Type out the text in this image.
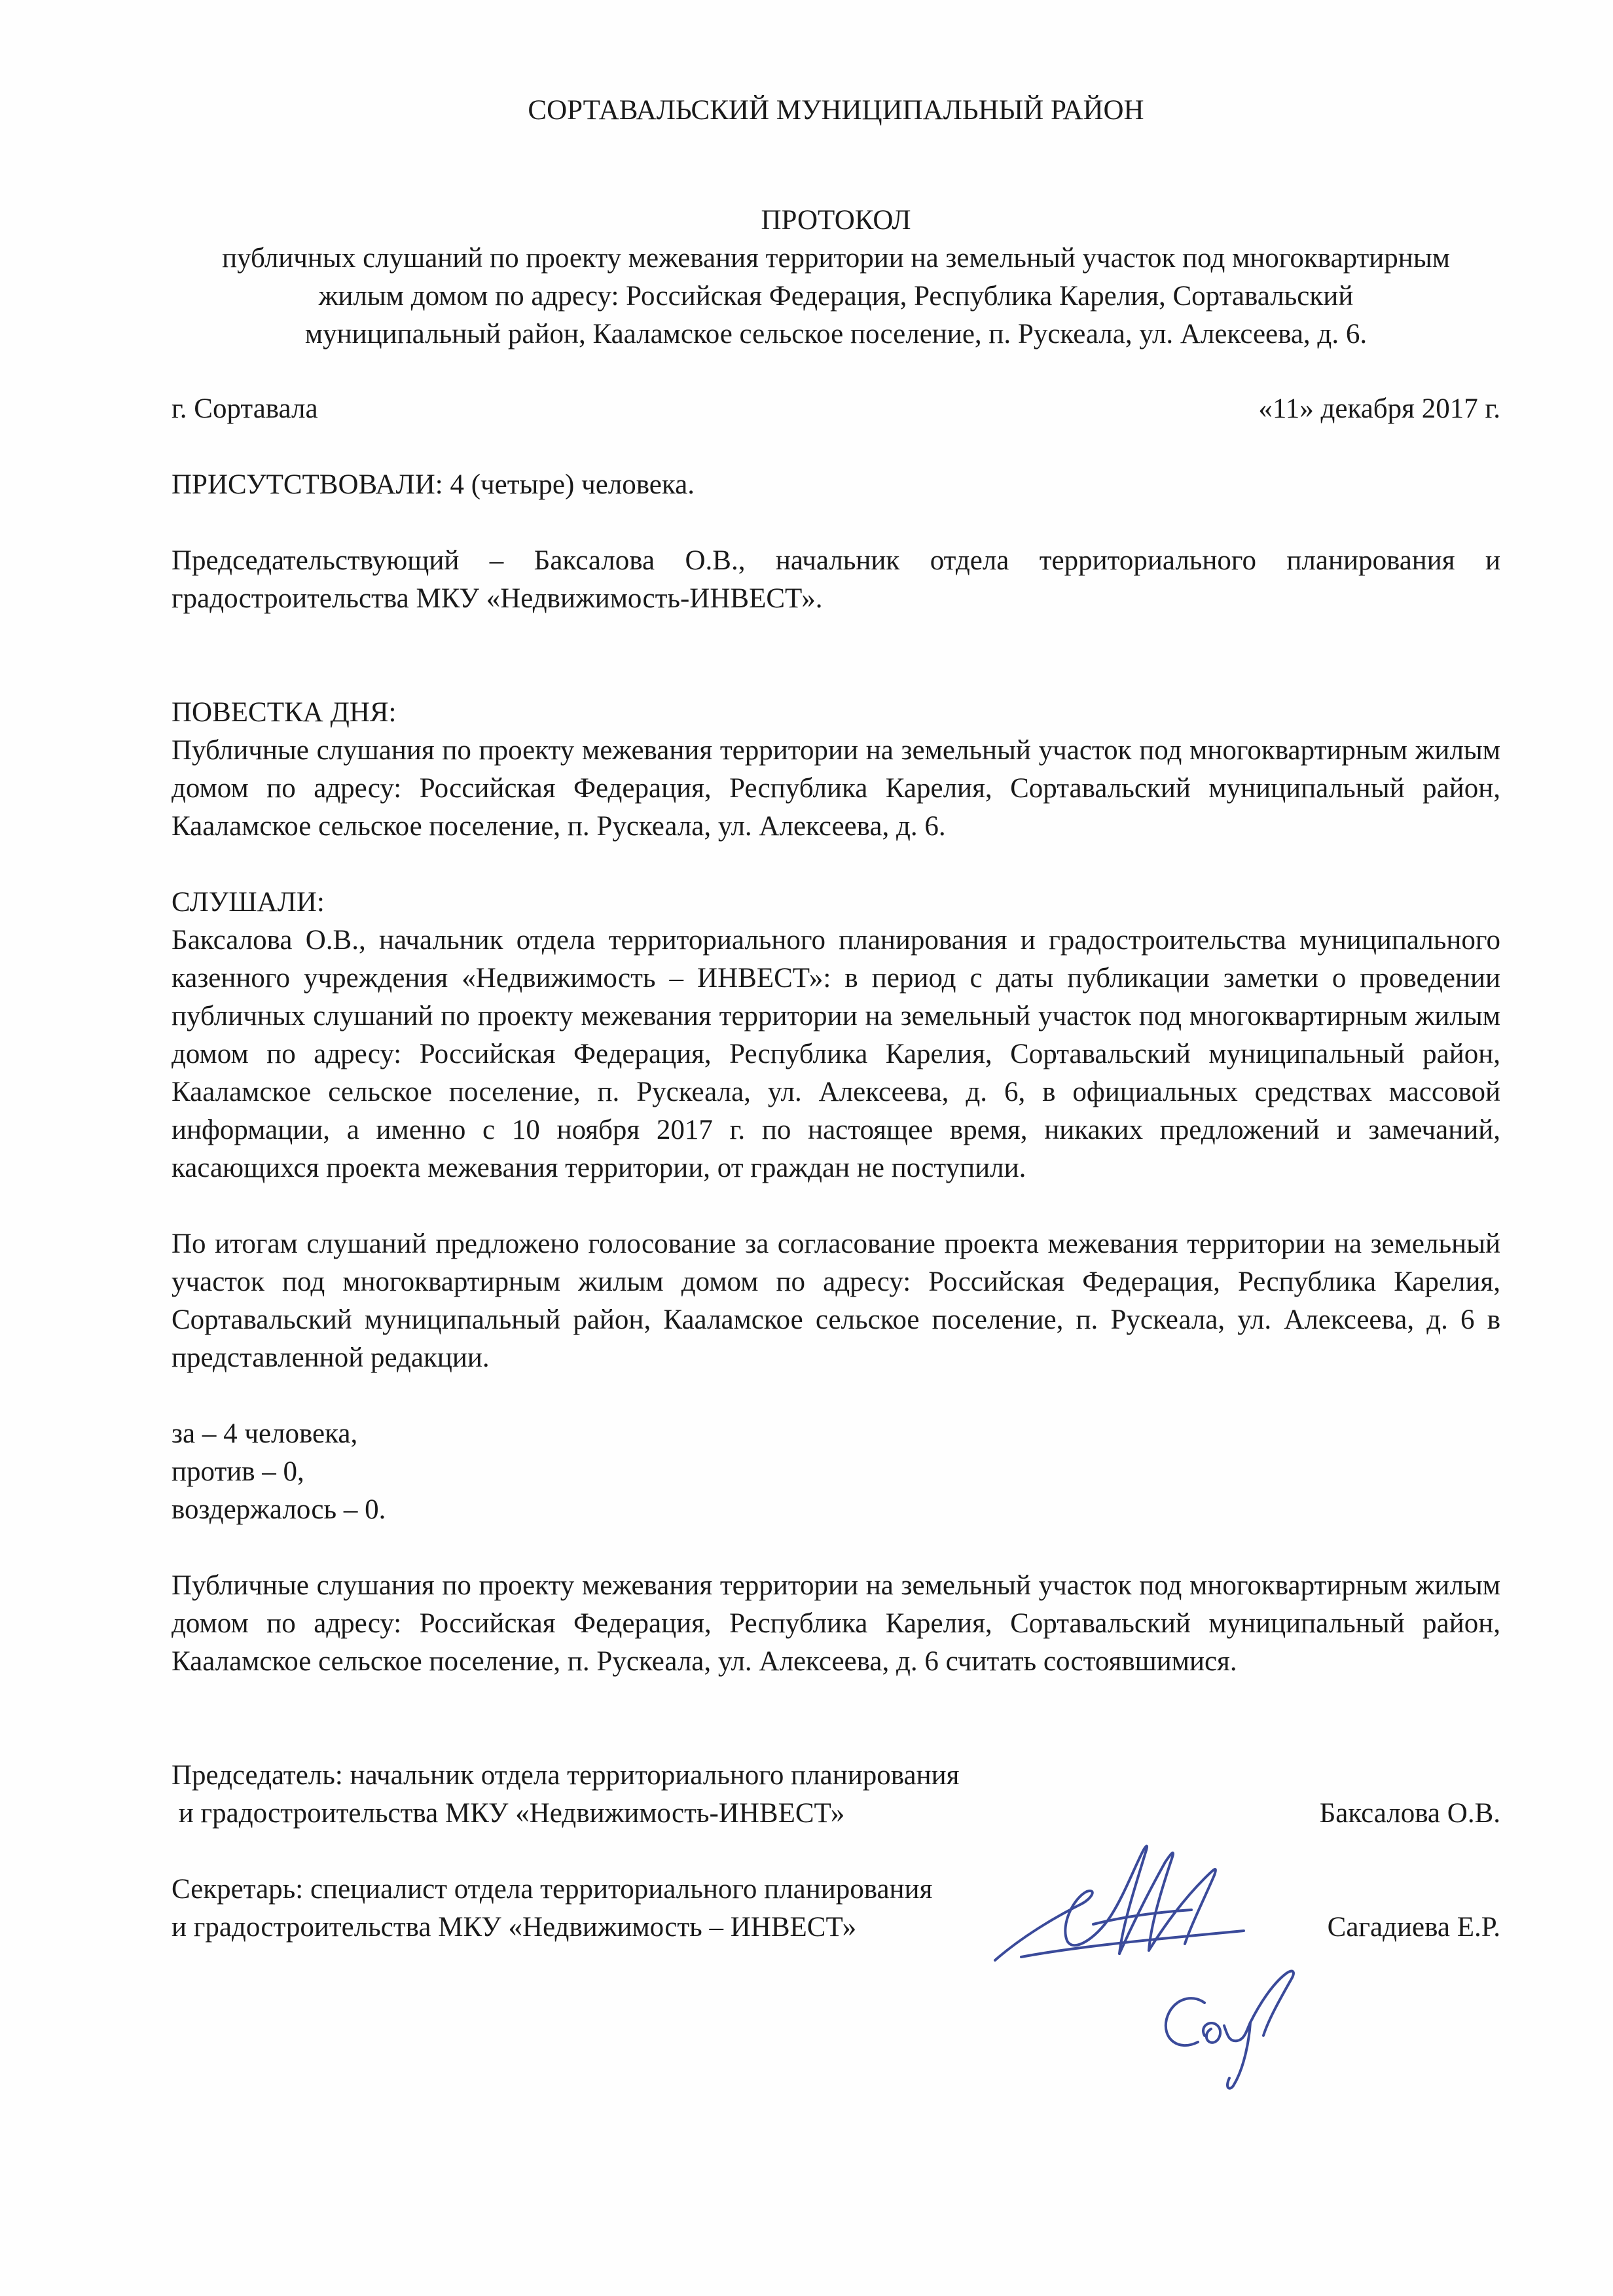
СОРТАВАЛЬСКИЙ МУНИЦИПАЛЬНЫЙ РАЙОН
ПРОТОКОЛ
публичных слушаний по проекту межевания территории на земельный участок под многоквартирным жилым домом по адресу: Российская Федерация, Республика Карелия, Сортавальский муниципальный район, Кааламское сельское поселение, п. Рускеала, ул. Алексеева, д. 6.
г. Сортавала	«11» декабря 2017 г.
ПРИСУТСТВОВАЛИ: 4 (четыре) человека.
Председательствующий – Баксалова О.В., начальник отдела территориального планирования и градостроительства МКУ «Недвижимость-ИНВЕСТ».
ПОВЕСТКА ДНЯ:
Публичные слушания по проекту межевания территории на земельный участок под многоквартирным жилым домом по адресу: Российская Федерация, Республика Карелия, Сортавальский муниципальный район, Кааламское сельское поселение, п. Рускеала, ул. Алексеева, д. 6.
СЛУШАЛИ:
Баксалова О.В., начальник отдела территориального планирования и градостроительства муниципального казенного учреждения «Недвижимость – ИНВЕСТ»: в период с даты публикации заметки о проведении публичных слушаний по проекту межевания территории на земельный участок под многоквартирным жилым домом по адресу: Российская Федерация, Республика Карелия, Сортавальский муниципальный район, Кааламское сельское поселение, п. Рускеала, ул. Алексеева, д. 6, в официальных средствах массовой информации, а именно с 10 ноября 2017 г. по настоящее время, никаких предложений и замечаний, касающихся проекта межевания территории, от граждан не поступили.
По итогам слушаний предложено голосование за согласование проекта межевания территории на земельный участок под многоквартирным жилым домом по адресу: Российская Федерация, Республика Карелия, Сортавальский муниципальный район, Кааламское сельское поселение, п. Рускеала, ул. Алексеева, д. 6 в представленной редакции.
за – 4 человека,
против – 0,
воздержалось – 0.
Публичные слушания по проекту межевания территории на земельный участок под многоквартирным жилым домом по адресу: Российская Федерация, Республика Карелия, Сортавальский муниципальный район, Кааламское сельское поселение, п. Рускеала, ул. Алексеева, д. 6 считать состоявшимися.
Председатель: начальник отдела территориального планирования
и градостроительства МКУ «Недвижимость-ИНВЕСТ»	Баксалова О.В.
Секретарь: специалист отдела территориального планирования
и градостроительства МКУ «Недвижимость – ИНВЕСТ»	Сагадиева Е.Р.
